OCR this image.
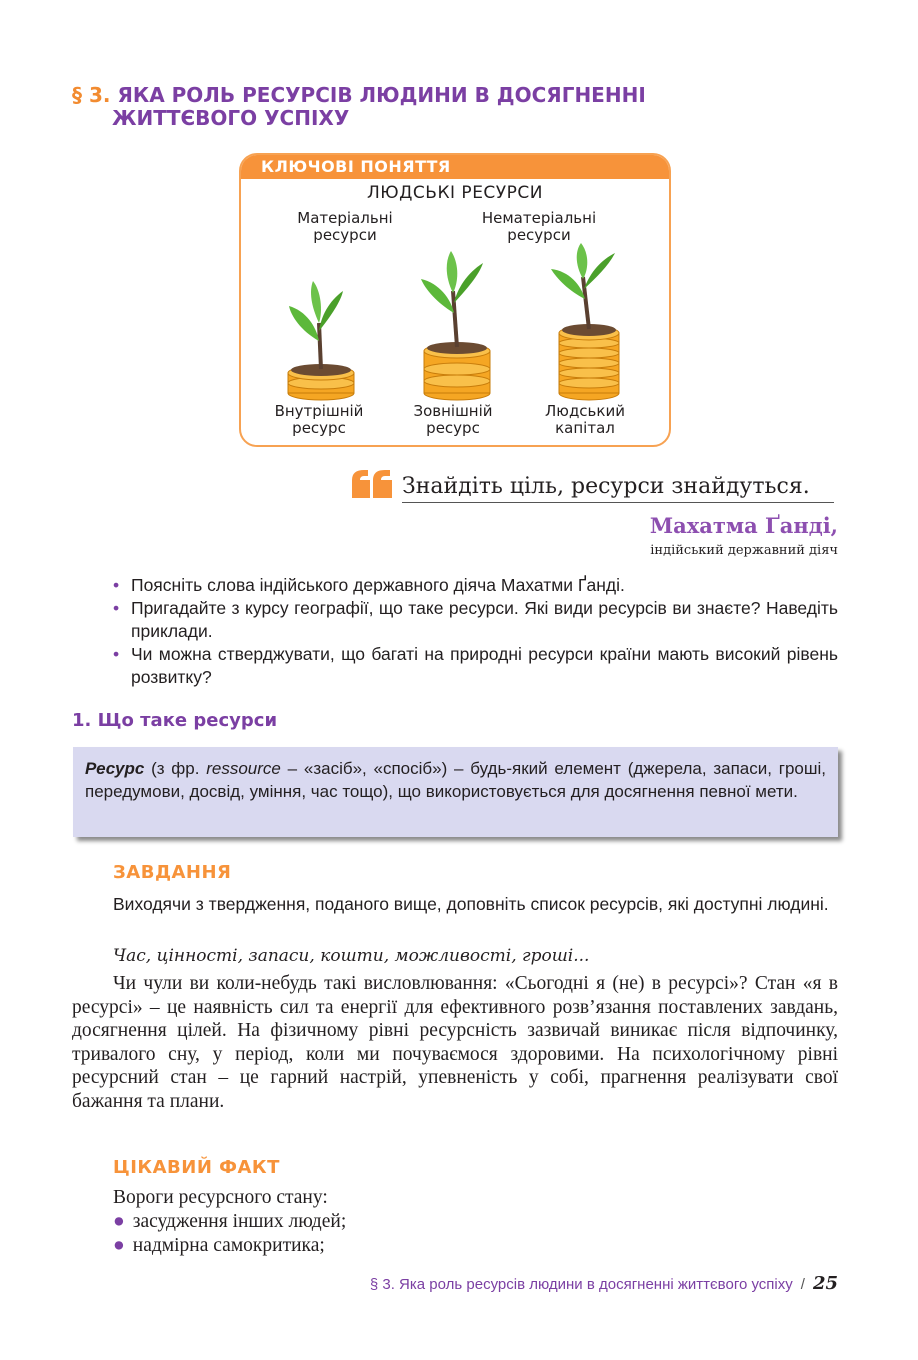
§ 3. ЯКА РОЛЬ РЕСУРСІВ ЛЮДИНИ В ДОСЯГНЕННІ
ЖИТТЄВОГО УСПІХУ
КЛЮЧОВІ ПОНЯТТЯ
ЛЮДСЬКІ РЕСУРСИ
Матеріальні ресурси
Нематеріальні ресурси
Внутрішній ресурс
Зовнішній ресурс
Людський капітал
Знайдіть ціль, ресурси знайдуться.
Махатма Ґанді,
індійський державний діяч
• Поясніть слова індійського державного діяча Махатми Ґанді.
• Пригадайте з курсу географії, що таке ресурси. Які види ресурсів ви знаєте? Наведіть приклади.
• Чи можна стверджувати, що багаті на природні ресурси країни мають високий рівень розвитку?
1. Що таке ресурси
Ресурс (з фр. ressource – «засіб», «спосіб») – будь-який елемент (джерела, запаси, гроші, передумови, досвід, уміння, час тощо), що використовується для досягнення певної мети.
ЗАВДАННЯ
Виходячи з твердження, поданого вище, доповніть список ресурсів, які доступні людині.
Час, цінності, запаси, кошти, можливості, гроші...
Чи чули ви коли-небудь такі висловлювання: «Сьогодні я (не) в ресурсі»? Стан «я в ресурсі» – це наявність сил та енергії для ефективного розв’язання поставлених завдань, досягнення цілей. На фізичному рівні ресурсність зазвичай виникає після відпочинку, тривалого сну, у період, коли ми почуваємося здоровими. На психологічному рівні ресурсний стан – це гарний настрій, упевненість у собі, прагнення реалізувати свої бажання та плани.
ЦІКАВИЙ ФАКТ
Вороги ресурсного стану:
● засудження інших людей;
● надмірна самокритика;
§ 3. Яка роль ресурсів людини в досягненні життєвого успіху / 25
